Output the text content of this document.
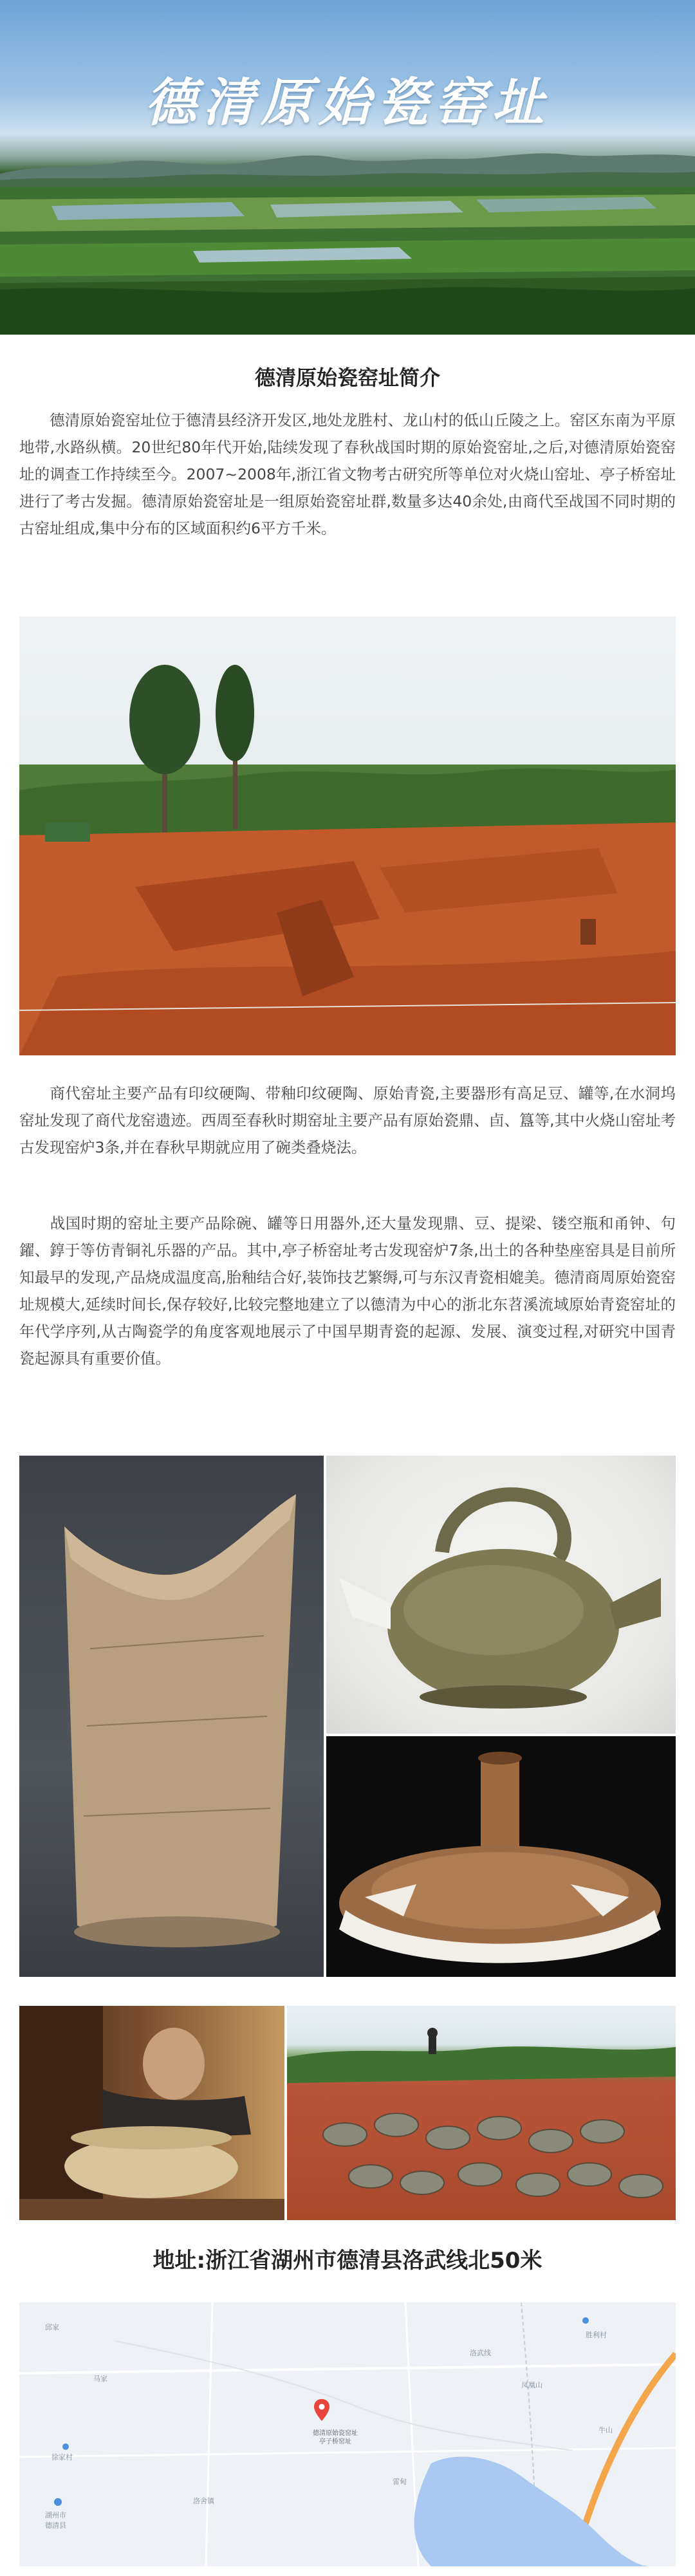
德清原始瓷窑址
德清原始瓷窑址简介

德清原始瓷窑址位于德清县经济开发区,地处龙胜村、龙山村的低山丘陵之上。窑区东南为平原地带,水路纵横。20世纪80年代开始,陆续发现了春秋战国时期的原始瓷窑址,之后,对德清原始瓷窑址的调查工作持续至今。2007~2008年,浙江省文物考古研究所等单位对火烧山窑址、亭子桥窑址进行了考古发掘。德清原始瓷窑址是一组原始瓷窑址群,数量多达40余处,由商代至战国不同时期的古窑址组成,集中分布的区域面积约6平方千米。

商代窑址主要产品有印纹硬陶、带釉印纹硬陶、原始青瓷,主要器形有高足豆、罐等,在水洞坞窑址发现了商代龙窑遗迹。西周至春秋时期窑址主要产品有原始瓷鼎、卣、簋等,其中火烧山窑址考古发现窑炉3条,并在春秋早期就应用了碗类叠烧法。

战国时期的窑址主要产品除碗、罐等日用器外,还大量发现鼎、豆、提梁、镂空瓶和甬钟、句鑃、錞于等仿青铜礼乐器的产品。其中,亭子桥窑址考古发现窑炉7条,出土的各种垫座窑具是目前所知最早的发现,产品烧成温度高,胎釉结合好,装饰技艺繁缛,可与东汉青瓷相媲美。德清商周原始瓷窑址规模大,延续时间长,保存较好,比较完整地建立了以德清为中心的浙北东苕溪流域原始青瓷窑址的年代学序列,从古陶瓷学的角度客观地展示了中国早期青瓷的起源、发展、演变过程,对研究中国青瓷起源具有重要价值。

地址:浙江省湖州市德清县洛武线北50米
邱家
马家
徐家村
湖州市
德清县
洛舍镇
雷甸
洛武线
胜利村
凤凰山
牛山
德清原始瓷窑址
亭子桥窑址
